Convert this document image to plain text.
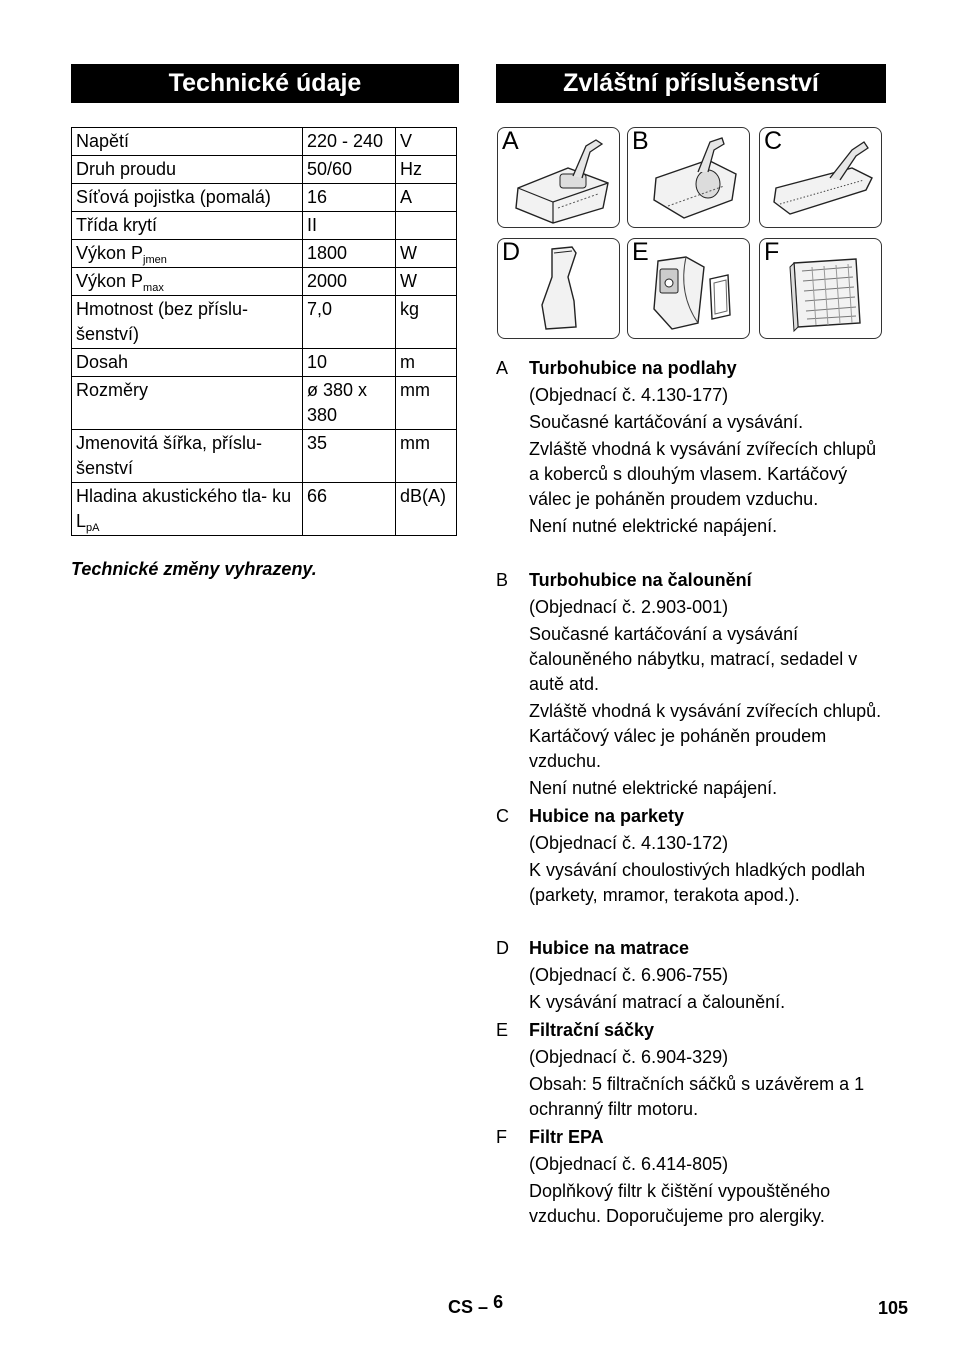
Technické údaje	Zvláštní příslušenství
Napětí	220 - 240	V
Druh proudu	50/60	Hz
Síťová pojistka (pomalá)	16	A
Třída krytí	II	
Výkon $P_{jmen}$	1800	W
Výkon $P_{max}$	2000	W
Hmotnost (bez příslu- šenství)	7,0	kg
Dosah	10	m
Rozměry	ø 380 x 380	mm
Jmenovitá šířka, příslu- šenství	35	mm
Hladina akustického tla- ku $L_{pA}$	66	dB(A)
Technické změny vyhrazeny.
A	B	C
D	E	F
A Turbohubice na podlahy

(Objednací č. 4.130-177)

Současné kartáčování a vysávání.

Zvláště vhodná k vysávání zvířecích chlupů a koberců s dlouhým vlasem. Kartáčový válec je poháněn proudem vzduchu.

Není nutné elektrické napájení.

B Turbohubice na čalounění

(Objednací č. 2.903-001)

Současné kartáčování a vysávání čalouněného nábytku, matrací, sedadel v autě atd.

Zvláště vhodná k vysávání zvířecích chlupů. Kartáčový válec je poháněn proudem vzduchu.

Není nutné elektrické napájení.

C Hubice na parkety

(Objednací č. 4.130-172)

K vysávání choulostivých hladkých podlah (parkety, mramor, terakota apod.).

D Hubice na matrace

(Objednací č. 6.906-755)

K vysávání matrací a čalounění.

E Filtrační sáčky

(Objednací č. 6.904-329)

Obsah: 5 filtračních sáčků s uzávěrem a 1 ochranný filtr motoru.

F Filtr EPA

(Objednací č. 6.414-805)

Doplňkový filtr k čištění vypouštěného vzduchu. Doporučujeme pro alergiky.

CS – 6	105
